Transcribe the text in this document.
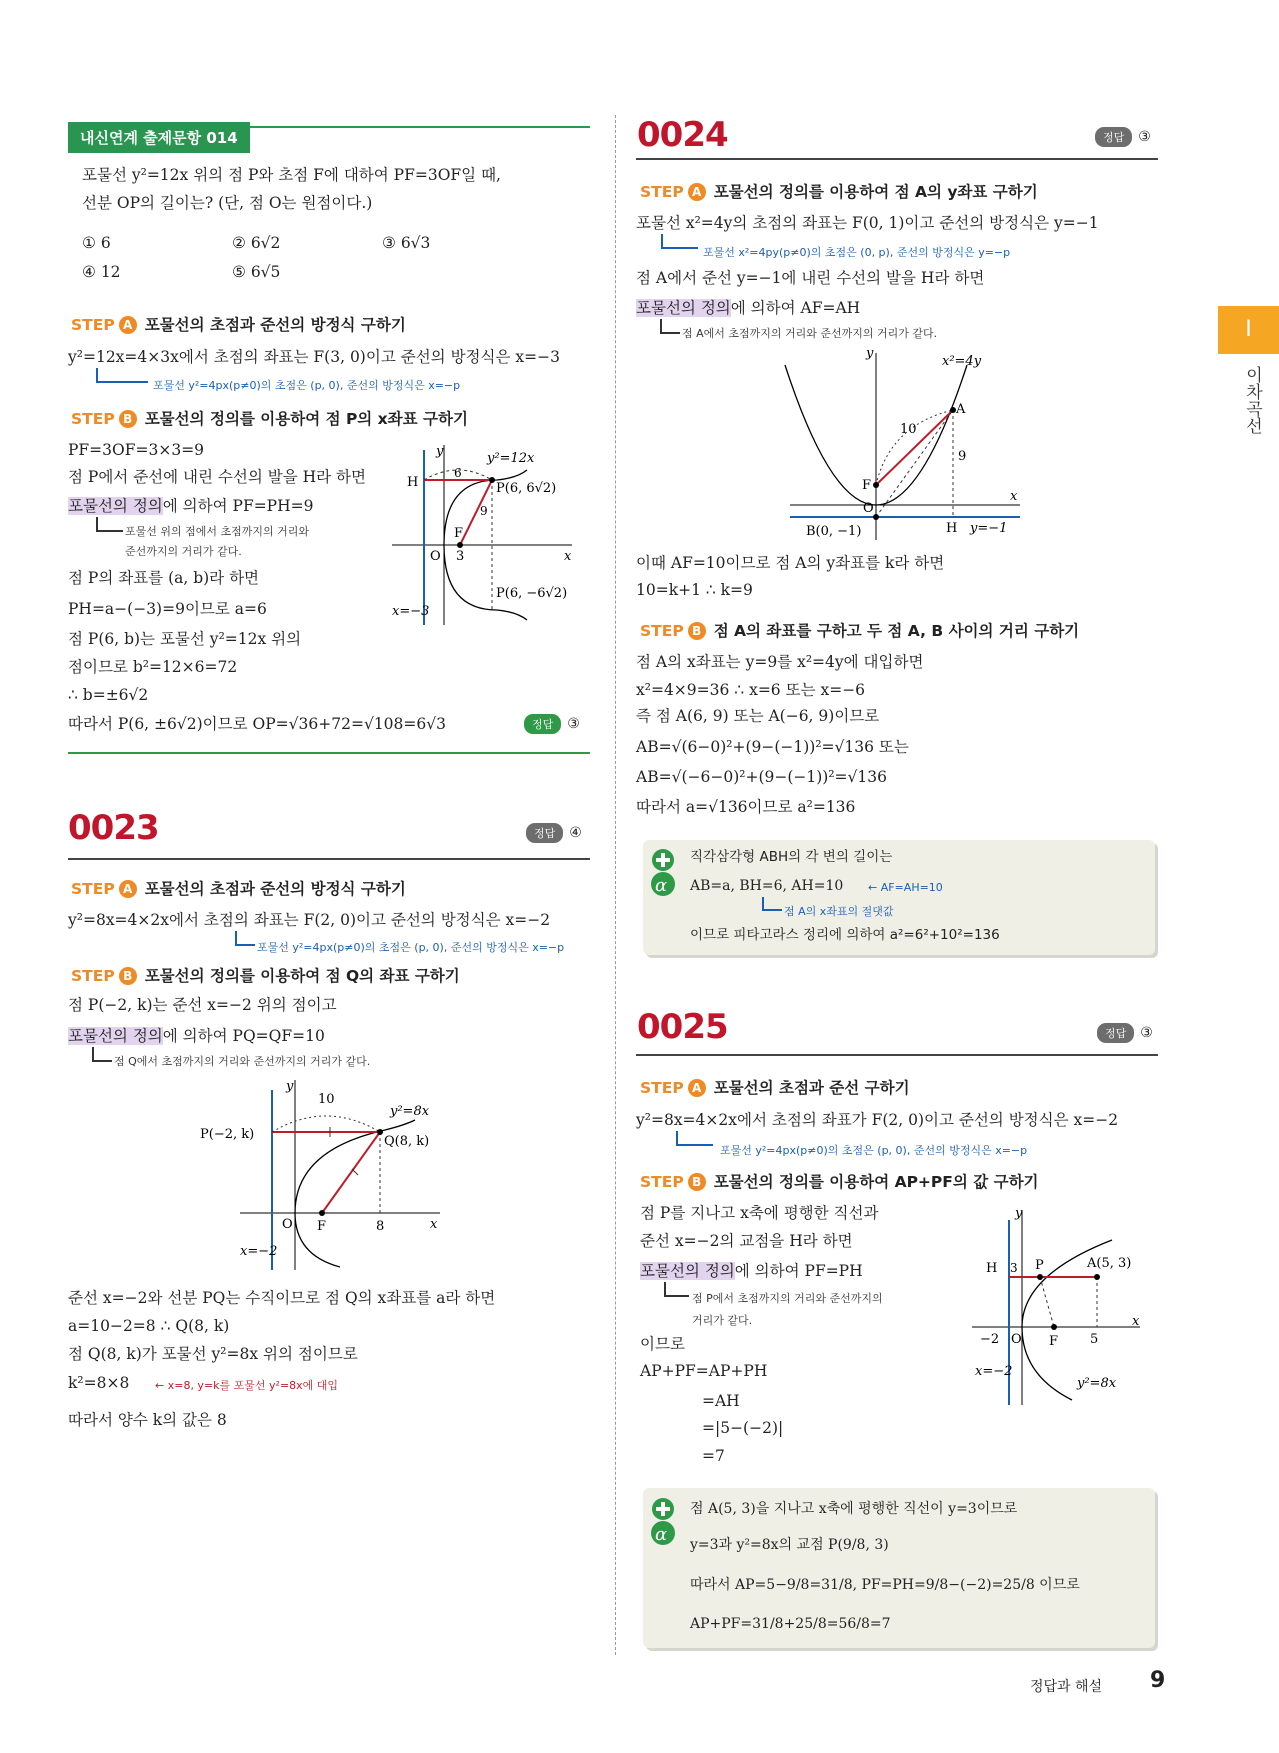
I
이차곡선
내신연계 출제문항 014
포물선 y²=12x 위의 점 P와 초점 F에 대하여 PF=3OF일 때,
선분 OP의 길이는? (단, 점 O는 원점이다.)
① 6	② 6√2	③ 6√3
④ 12	⑤ 6√5
STEP A 포물선의 초점과 준선의 방정식 구하기
y²=12x=4×3x에서 초점의 좌표는 F(3, 0)이고 준선의 방정식은 x=−3
포물선 y²=4px(p≠0)의 초점은 (p, 0), 준선의 방정식은 x=−p
STEP B 포물선의 정의를 이용하여 점 P의 x좌표 구하기
PF=3OF=3×3=9
점 P에서 준선에 내린 수선의 발을 H라 하면
포물선의 정의에 의하여 PF=PH=9
포물선 위의 점에서 초점까지의 거리와
준선까지의 거리가 같다.
점 P의 좌표를 (a, b)라 하면
PH=a−(−3)=9이므로 a=6
점 P(6, b)는 포물선 y²=12x 위의
점이므로 b²=12×6=72
∴ b=±6√2
따라서 P(6, ±6√2)이므로 OP=√36+72=√108=6√3	정답 ③
y
x
H
6
9
y²=12x
P(6, 6√2)
F
O 3
P(6, −6√2)
x=−3
0023	정답 ④
STEP A 포물선의 초점과 준선의 방정식 구하기
y²=8x=4×2x에서 초점의 좌표는 F(2, 0)이고 준선의 방정식은 x=−2
포물선 y²=4px(p≠0)의 초점은 (p, 0), 준선의 방정식은 x=−p
STEP B 포물선의 정의를 이용하여 점 Q의 좌표 구하기
점 P(−2, k)는 준선 x=−2 위의 점이고
포물선의 정의에 의하여 PQ=QF=10
점 Q에서 초점까지의 거리와 준선까지의 거리가 같다.
y
x
y²=8x
P(−2, k)
10
Q(8, k)
O F	8
x=−2
준선 x=−2와 선분 PQ는 수직이므로 점 Q의 x좌표를 a라 하면
a=10−2=8 ∴ Q(8, k)
점 Q(8, k)가 포물선 y²=8x 위의 점이므로
k²=8×8 ← x=8, y=k를 포물선 y²=8x에 대입
따라서 양수 k의 값은 8
0024	정답 ③
STEP A 포물선의 정의를 이용하여 점 A의 y좌표 구하기
포물선 x²=4y의 초점의 좌표는 F(0, 1)이고 준선의 방정식은 y=−1
포물선 x²=4py(p≠0)의 초점은 (0, p), 준선의 방정식은 y=−p
점 A에서 준선 y=−1에 내린 수선의 발을 H라 하면
포물선의 정의에 의하여 AF=AH
점 A에서 초점까지의 거리와 준선까지의 거리가 같다.
y
x
x²=4y
A
10
9
F
O
B(0, −1)	H y=−1
이때 AF=10이므로 점 A의 y좌표를 k라 하면
10=k+1 ∴ k=9
STEP B 점 A의 좌표를 구하고 두 점 A, B 사이의 거리 구하기
점 A의 x좌표는 y=9를 x²=4y에 대입하면
x²=4×9=36 ∴ x=6 또는 x=−6
즉 점 A(6, 9) 또는 A(−6, 9)이므로
AB=√(6−0)²+(9−(−1))²=√136 또는
AB=√(−6−0)²+(9−(−1))²=√136
따라서 a=√136이므로 a²=136
α
직각삼각형 ABH의 각 변의 길이는
AB=a, BH=6, AH=10 ← AF=AH=10
점 A의 x좌표의 절댓값
이므로 피타고라스 정리에 의하여 a²=6²+10²=136
0025	정답 ③
STEP A 포물선의 초점과 준선 구하기
y²=8x=4×2x에서 초점의 좌표가 F(2, 0)이고 준선의 방정식은 x=−2
포물선 y²=4px(p≠0)의 초점은 (p, 0), 준선의 방정식은 x=−p
STEP B 포물선의 정의를 이용하여 AP+PF의 값 구하기
점 P를 지나고 x축에 평행한 직선과
준선 x=−2의 교점을 H라 하면
포물선의 정의에 의하여 PF=PH
점 P에서 초점까지의 거리와 준선까지의
거리가 같다.
이므로
AP+PF=AP+PH
=AH
=|5−(−2)|
=7
y
x
H 3 P	A(5, 3)
−2 O F 5
x=−2
y²=8x
α
점 A(5, 3)을 지나고 x축에 평행한 직선이 y=3이므로
y=3과 y²=8x의 교점 P(9/8, 3)
따라서 AP=5−9/8=31/8, PF=PH=9/8−(−2)=25/8 이므로
AP+PF=31/8+25/8=56/8=7
정답과 해설 9
